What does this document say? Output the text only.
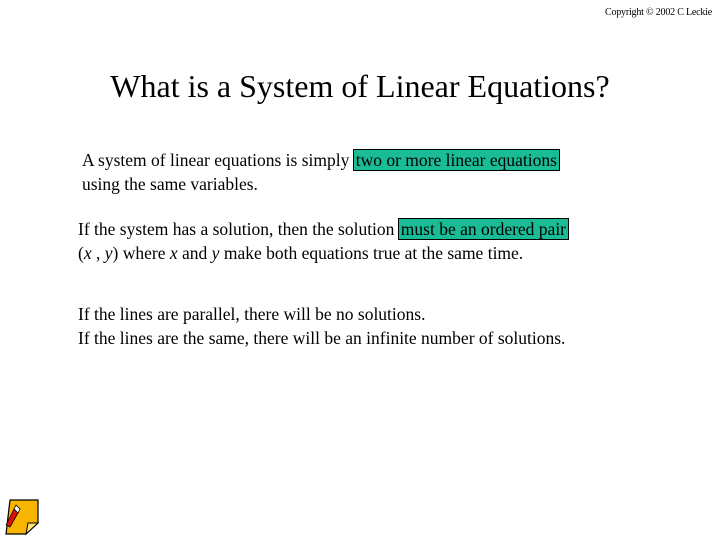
Copyright © 2002 C Leckie
What is a System of Linear Equations?
A system of linear equations is simply two or more linear equations
using the same variables.
If the system has a solution, then the solution must be an ordered pair
(x , y) where x and y make both equations true at the same time.
If the lines are parallel, there will be no solutions.
If the lines are the same, there will be an infinite number of solutions.
